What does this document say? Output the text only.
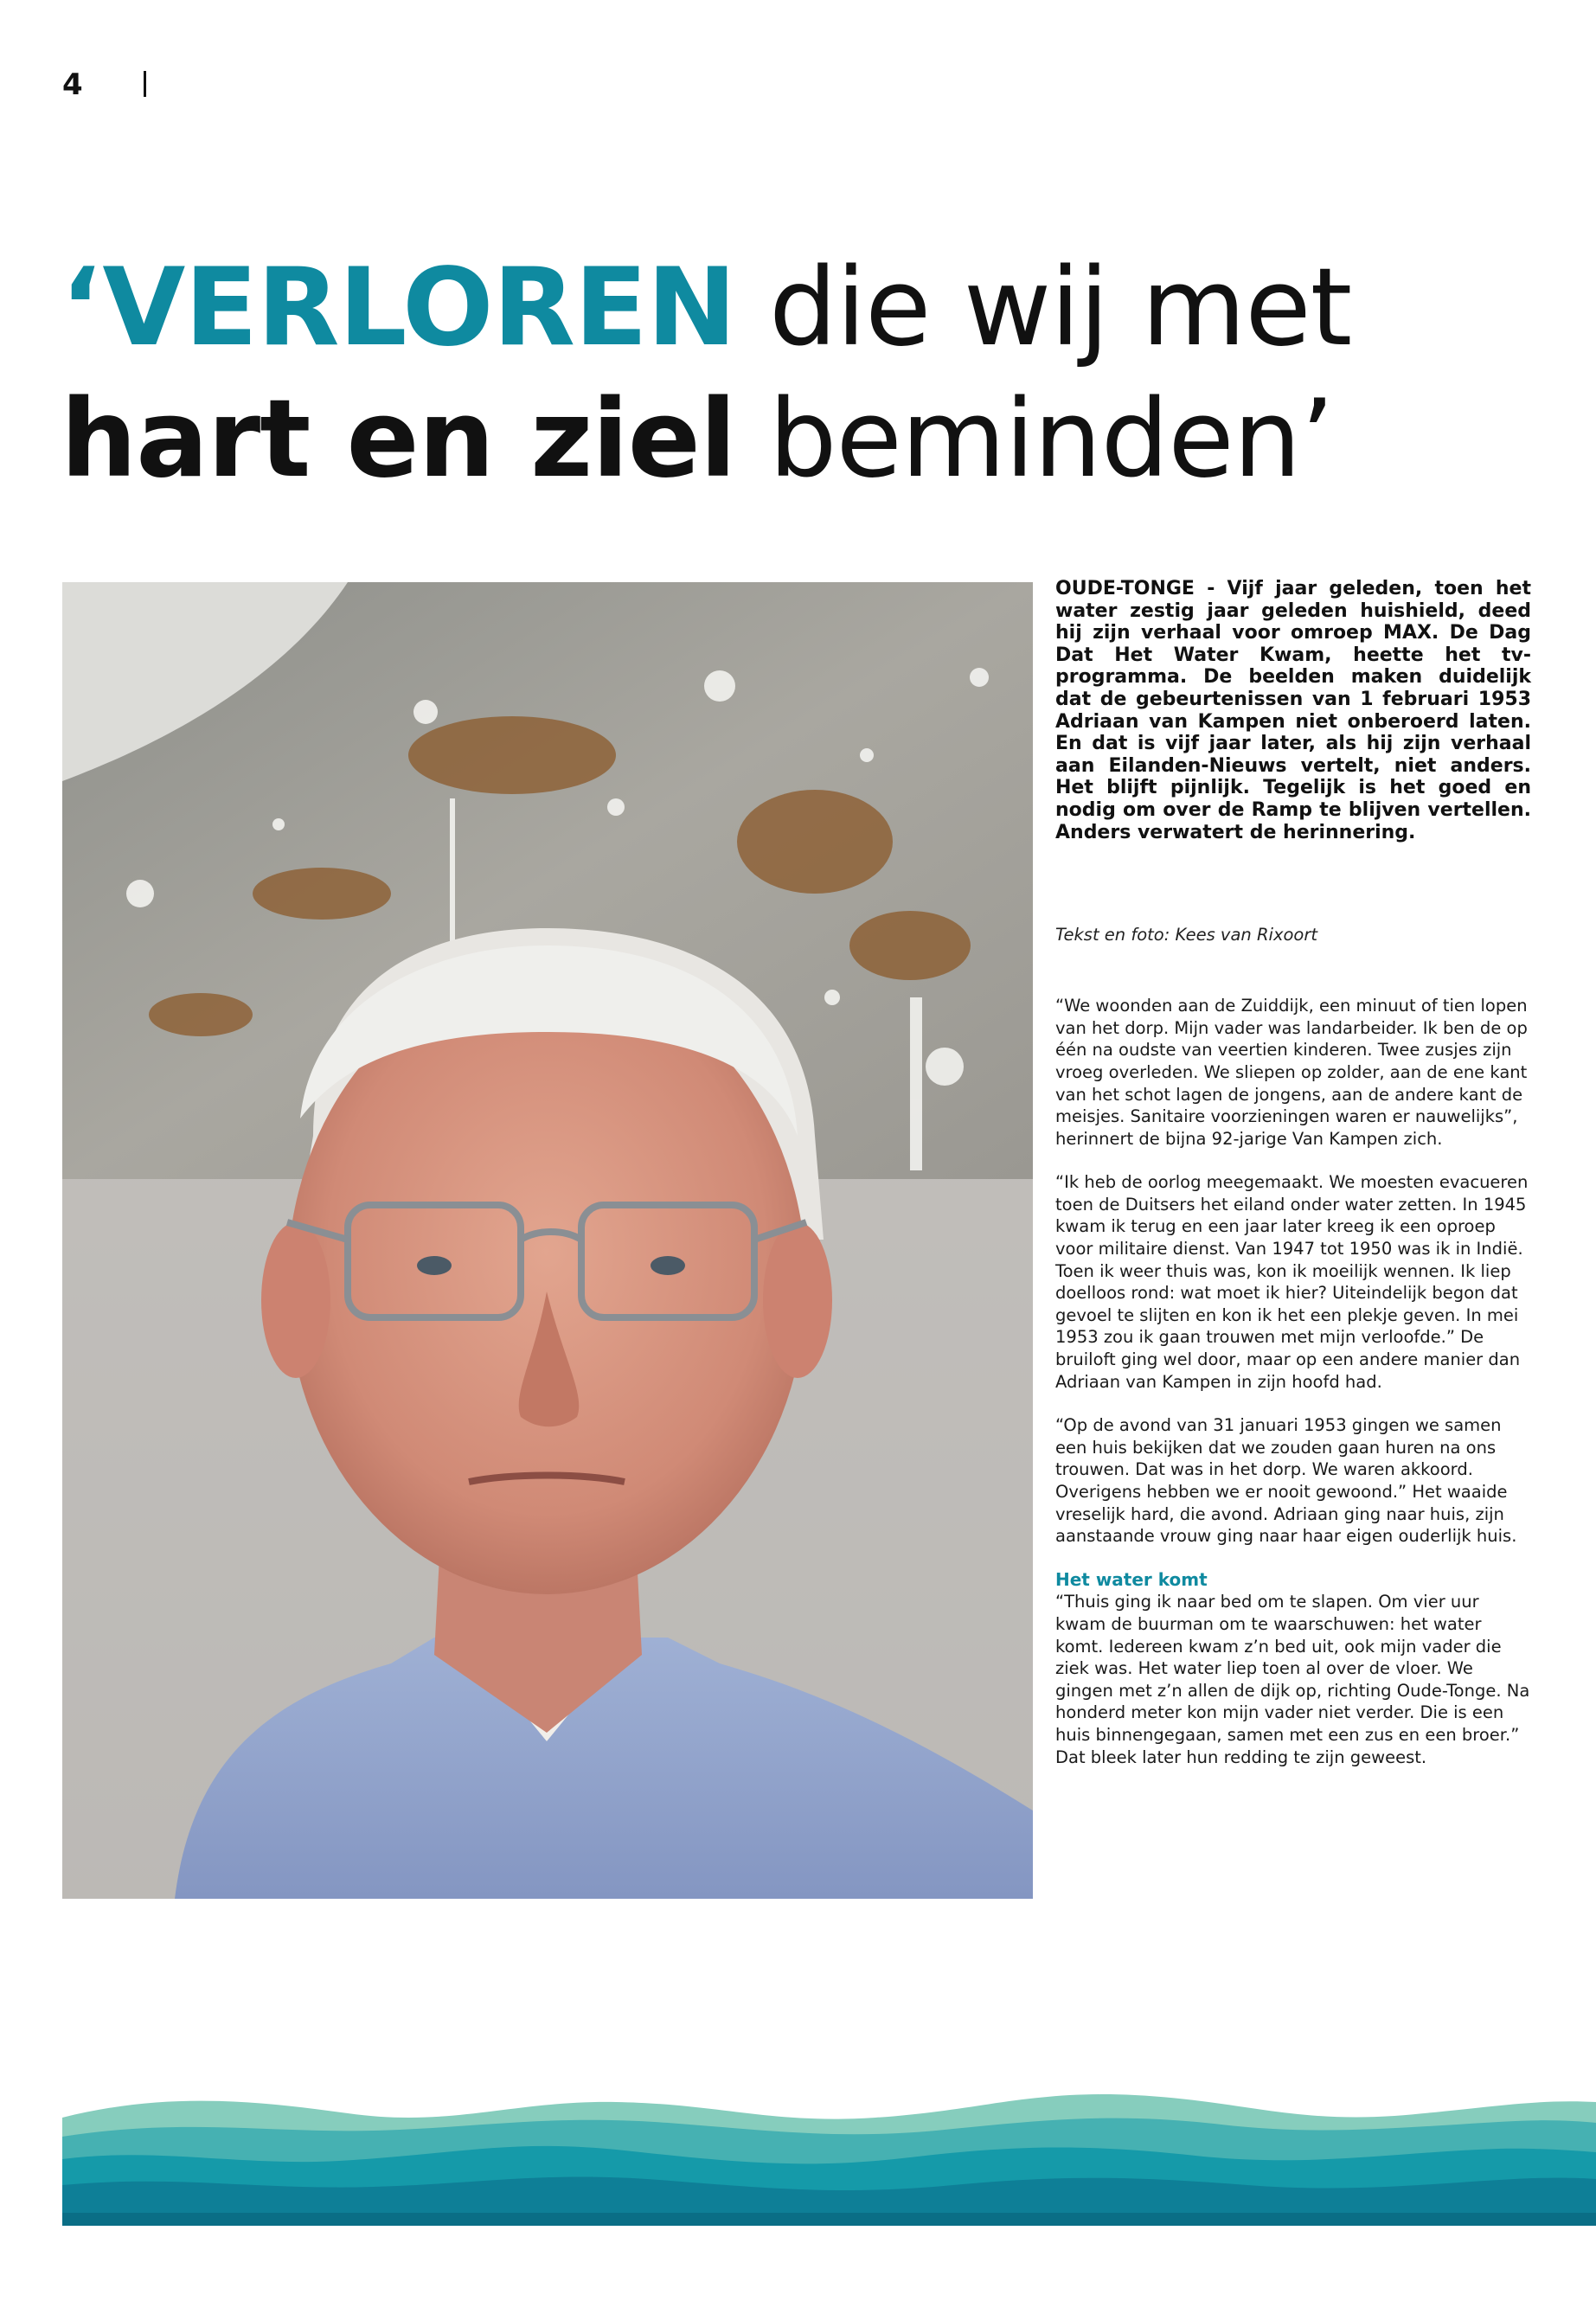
4
‘VERLOREN die wij met
hart en ziel beminden’

OUDE-TONGE - Vijf jaar geleden, toen het water zestig jaar geleden huishield, deed hij zijn verhaal voor omroep MAX. De Dag Dat Het Water Kwam, heette het tv-programma. De beelden maken duidelijk dat de gebeurtenissen van 1 februari 1953 Adriaan van Kampen niet onberoerd laten. En dat is vijf jaar later, als hij zijn verhaal aan Eilanden-Nieuws vertelt, niet anders. Het blijft pijnlijk. Tegelijk is het goed en nodig om over de Ramp te blijven vertellen. Anders verwatert de herinnering.

Tekst en foto: Kees van Rixoort

“We woonden aan de Zuiddijk, een minuut of tien lopen van het dorp. Mijn vader was landarbeider. Ik ben de op één na oudste van veertien kinderen. Twee zusjes zijn vroeg overleden. We sliepen op zolder, aan de ene kant van het schot lagen de jongens, aan de andere kant de meisjes. Sanitaire voorzieningen waren er nauwelijks”, herinnert de bijna 92-jarige Van Kampen zich.

“Ik heb de oorlog meegemaakt. We moesten evacueren toen de Duitsers het eiland onder water zetten. In 1945 kwam ik terug en een jaar later kreeg ik een oproep voor militaire dienst. Van 1947 tot 1950 was ik in Indië. Toen ik weer thuis was, kon ik moeilijk wennen. Ik liep doelloos rond: wat moet ik hier? Uiteindelijk begon dat gevoel te slijten en kon ik het een plekje geven. In mei 1953 zou ik gaan trouwen met mijn verloofde.” De bruiloft ging wel door, maar op een andere manier dan Adriaan van Kampen in zijn hoofd had.

“Op de avond van 31 januari 1953 gingen we samen een huis bekijken dat we zouden gaan huren na ons trouwen. Dat was in het dorp. We waren akkoord. Overigens hebben we er nooit gewoond.” Het waaide vreselijk hard, die avond. Adriaan ging naar huis, zijn aanstaande vrouw ging naar haar eigen ouderlijk huis.

Het water komt

“Thuis ging ik naar bed om te slapen. Om vier uur kwam de buurman om te waarschuwen: het water komt. Iedereen kwam z’n bed uit, ook mijn vader die ziek was. Het water liep toen al over de vloer. We gingen met z’n allen de dijk op, richting Oude-Tonge. Na honderd meter kon mijn vader niet verder. Die is een huis binnengegaan, samen met een zus en een broer.” Dat bleek later hun redding te zijn geweest.
